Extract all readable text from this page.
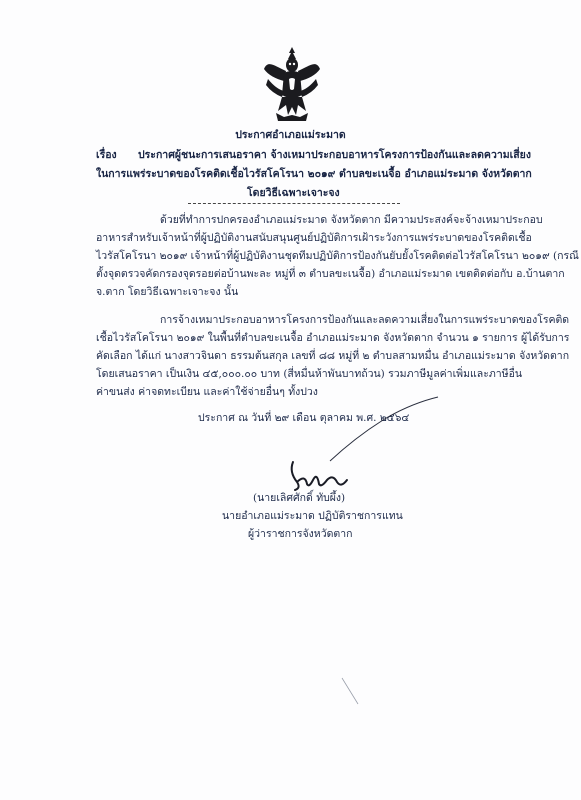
ประกาศอำเภอแม่ระมาด
เรื่อง ประกาศผู้ชนะการเสนอราคา จ้างเหมาประกอบอาหารโครงการป้องกันและลดความเสี่ยง
ในการแพร่ระบาดของโรคติดเชื้อไวรัสโคโรนา ๒๐๑๙ ตำบลขะเนจื้อ อำเภอแม่ระมาด จังหวัดตาก
โดยวิธีเฉพาะเจาะจง
ด้วยที่ทำการปกครองอำเภอแม่ระมาด จังหวัดตาก มีความประสงค์จะจ้างเหมาประกอบ
อาหารสำหรับเจ้าหน้าที่ผู้ปฏิบัติงานสนับสนุนศูนย์ปฏิบัติการเฝ้าระวังการแพร่ระบาดของโรคติดเชื้อ
ไวรัสโคโรนา ๒๐๑๙ เจ้าหน้าที่ผู้ปฏิบัติงานชุดทีมปฏิบัติการป้องกันยับยั้งโรคติดต่อไวรัสโคโรนา ๒๐๑๙ (กรณี
ตั้งจุดตรวจคัดกรองจุดรอยต่อบ้านพะละ หมู่ที่ ๓ ตำบลขะเนจื้อ) อำเภอแม่ระมาด เขตติดต่อกับ อ.บ้านตาก
จ.ตาก โดยวิธีเฉพาะเจาะจง นั้น
การจ้างเหมาประกอบอาหารโครงการป้องกันและลดความเสี่ยงในการแพร่ระบาดของโรคติด
เชื้อไวรัสโคโรนา ๒๐๑๙ ในพื้นที่ตำบลขะเนจื้อ อำเภอแม่ระมาด จังหวัดตาก จำนวน ๑ รายการ ผู้ได้รับการ
คัดเลือก ได้แก่ นางสาวจินดา ธรรมต้นสกุล เลขที่ ๘๘ หมู่ที่ ๒ ตำบลสามหมื่น อำเภอแม่ระมาด จังหวัดตาก
โดยเสนอราคา เป็นเงิน ๔๕,๐๐๐.๐๐ บาท (สี่หมื่นห้าพันบาทถ้วน) รวมภาษีมูลค่าเพิ่มและภาษีอื่น
ค่าขนส่ง ค่าจดทะเบียน และค่าใช้จ่ายอื่นๆ ทั้งปวง
ประกาศ ณ วันที่ ๒๙ เดือน ตุลาคม พ.ศ. ๒๕๖๔
(นายเลิศศักดิ์ ทับผึ้ง)
นายอำเภอแม่ระมาด ปฏิบัติราชการแทน
ผู้ว่าราชการจังหวัดตาก
